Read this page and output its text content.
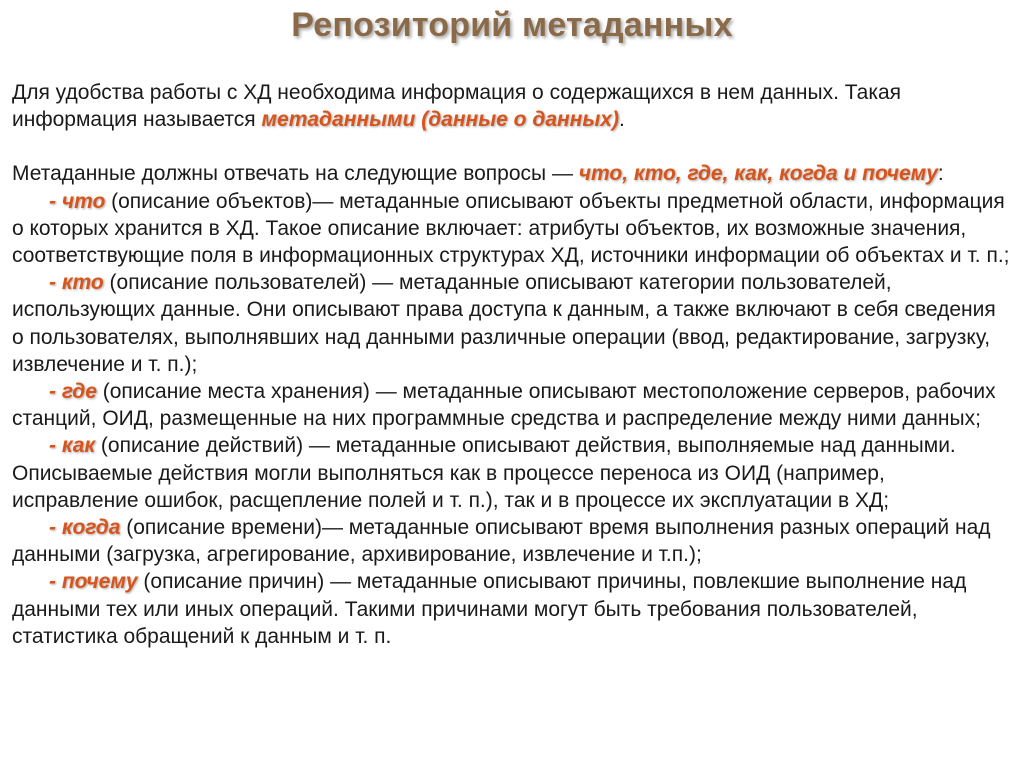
Репозиторий метаданных

Для удобства работы с ХД необходима информация о содержащихся в нем данных. Такая информация называется метаданными (данные о данных).

Метаданные должны отвечать на следующие вопросы — что, кто, где, как, когда и почему:

- что (описание объектов)— метаданные описывают объекты предметной области, информация о которых хранится в ХД. Такое описание включает: атрибуты объектов, их возможные значения, соответствующие поля в информационных структурах ХД, источники информации об объектах и т. п.;

- кто (описание пользователей) — метаданные описывают категории пользователей, использующих данные. Они описывают права доступа к данным, а также включают в себя сведения о пользователях, выполнявших над данными различные операции (ввод, редактирование, загрузку, извлечение и т. п.);

- где (описание места хранения) — метаданные описывают местоположение серверов, рабочих станций, ОИД, размещенные на них программные средства и распределение между ними данных;

- как (описание действий) — метаданные описывают действия, выполняемые над данными. Описываемые действия могли выполняться как в процессе переноса из ОИД (например, исправление ошибок, расщепление полей и т. п.), так и в процессе их эксплуатации в ХД;

- когда (описание времени)— метаданные описывают время выполнения разных операций над данными (загрузка, агрегирование, архивирование, извлечение и т.п.);

- почему (описание причин) — метаданные описывают причины, повлекшие выполнение над данными тех или иных операций. Такими причинами могут быть требования пользователей, статистика обращений к данным и т. п.
